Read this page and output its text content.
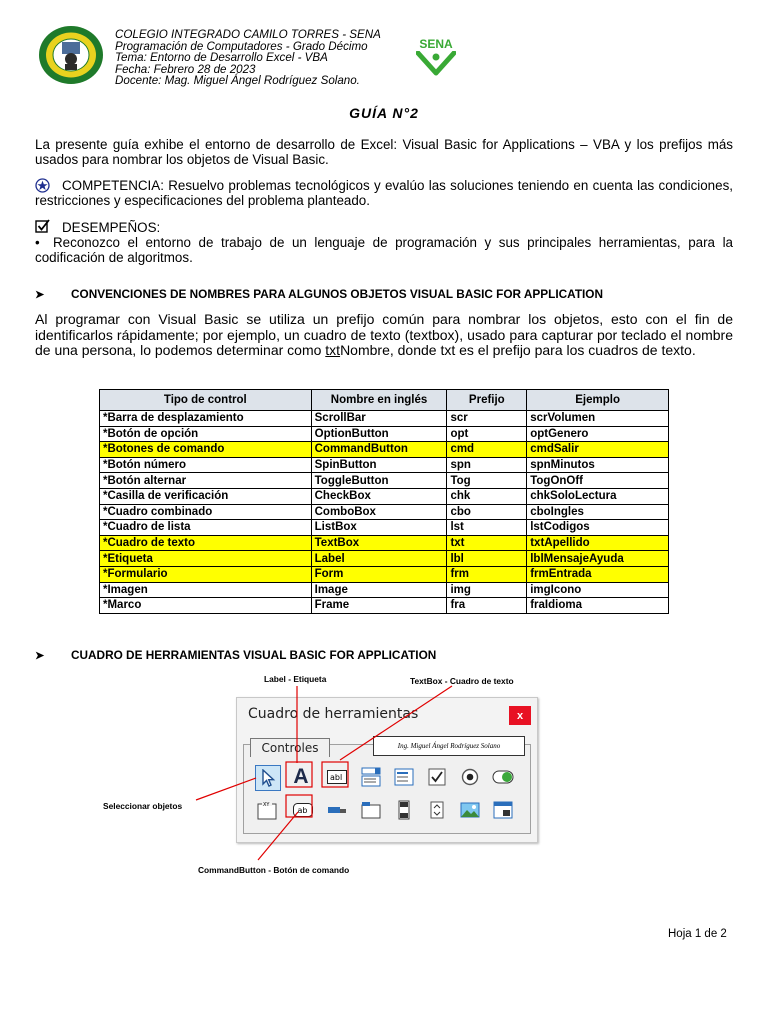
COLEGIO INTEGRADO CAMILO TORRES - SENA
Programación de Computadores - Grado Décimo
Tema: Entorno de Desarrollo Excel - VBA
Fecha: Febrero 28 de 2023
Docente: Mag. Miguel Ángel Rodríguez Solano.
SENA
GUÍA N°2
La presente guía exhibe el entorno de desarrollo de Excel: Visual Basic for Applications – VBA y los prefijos más usados para nombrar los objetos de Visual Basic.
COMPETENCIA: Resuelvo problemas tecnológicos y evalúo las soluciones teniendo en cuenta las condiciones, restricciones y especificaciones del problema planteado.
DESEMPEÑOS:
• Reconozco el entorno de trabajo de un lenguaje de programación y sus principales herramientas, para la codificación de algoritmos.
➤ CONVENCIONES DE NOMBRES PARA ALGUNOS OBJETOS VISUAL BASIC FOR APPLICATION
Al programar con Visual Basic se utiliza un prefijo común para nombrar los objetos, esto con el fin de identificarlos rápidamente; por ejemplo, un cuadro de texto (textbox), usado para capturar por teclado el nombre de una persona, lo podemos determinar como txtNombre, donde txt es el prefijo para los cuadros de texto.
Tipo de control	Nombre en inglés	Prefijo	Ejemplo
*Barra de desplazamiento	ScrollBar	scr	scrVolumen
*Botón de opción	OptionButton	opt	optGenero
*Botones de comando	CommandButton	cmd	cmdSalir
*Botón número	SpinButton	spn	spnMinutos
*Botón alternar	ToggleButton	Tog	TogOnOff
*Casilla de verificación	CheckBox	chk	chkSoloLectura
*Cuadro combinado	ComboBox	cbo	cboIngles
*Cuadro de lista	ListBox	lst	lstCodigos
*Cuadro de texto	TextBox	txt	txtApellido
*Etiqueta	Label	lbl	lblMensajeAyuda
*Formulario	Form	frm	frmEntrada
*Imagen	Image	img	imgIcono
*Marco	Frame	fra	fraIdioma
➤ CUADRO DE HERRAMIENTAS VISUAL BASIC FOR APPLICATION
Cuadro de herramientas	x
Controles	Ing. Miguel Ángel Rodríguez Solano
A	abl
XY
ab
Label - Etiqueta	TextBox - Cuadro de texto
Seleccionar objetos
CommandButton - Botón de comando
Hoja 1 de 2
